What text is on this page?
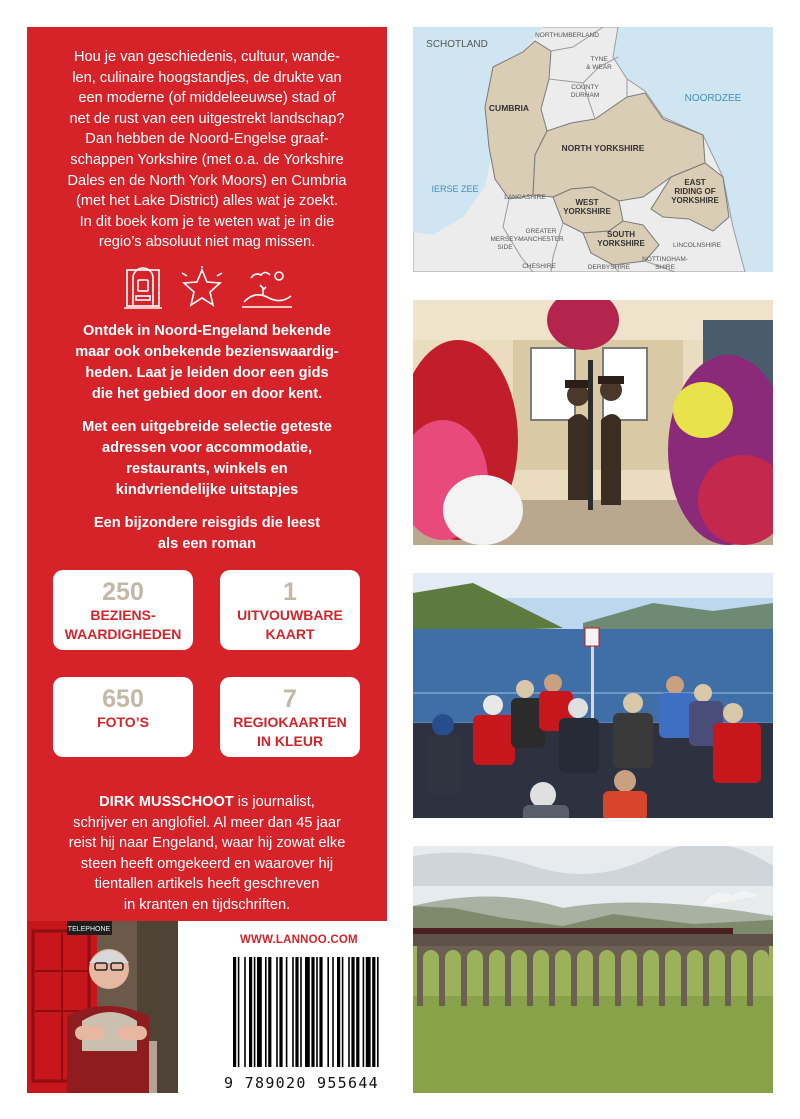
Hou je van geschiedenis, cultuur, wande-
len, culinaire hoogstandjes, de drukte van
een moderne (of middeleeuwse) stad of
net de rust van een uitgestrekt landschap?
Dan hebben de Noord-Engelse graaf-
schappen Yorkshire (met o.a. de Yorkshire
Dales en de North York Moors) en Cumbria
(met het Lake District) alles wat je zoekt.
In dit boek kom je te weten wat je in die
regio’s absoluut niet mag missen.

Ontdek in Noord-Engeland bekende
maar ook onbekende bezienswaardig-
heden. Laat je leiden door een gids
die het gebied door en door kent.

Met een uitgebreide selectie geteste
adressen voor accommodatie,
restaurants, winkels en
kindvriendelijke uitstapjes

Een bijzondere reisgids die leest
als een roman

250
BEZIENS-
WAARDIGHEDEN
1
UITVOUWBARE
KAART
650
FOTO’S
7
REGIOKAARTEN
IN KLEUR

DIRK MUSSCHOOT is journalist,
schrijver en anglofiel. Al meer dan 45 jaar
reist hij naar Engeland, waar hij zowat elke
steen heeft omgekeerd en waarover hij
tientallen artikels heeft geschreven
in kranten en tijdschriften.

TELEPHONE
WWW.LANNOO.COM
9 789020 955644
SCHOTLAND
NORTHUMBERLAND
TYNE
& WEAR
COUNTY
DURHAM	NOORDZEE
CUMBRIA
NORTH YORKSHIRE
EAST
RIDING OF
YORKSHIRE
IERSE ZEE
LANCASHIRE
WEST
YORKSHIRE
SOUTH
YORKSHIRE
GREATER
MANCHESTER
MERSEY-
SIDE
CHESHIRE	DERBYSHIRE
NOTTINGHAM-
SHIRE
LINCOLNSHIRE
